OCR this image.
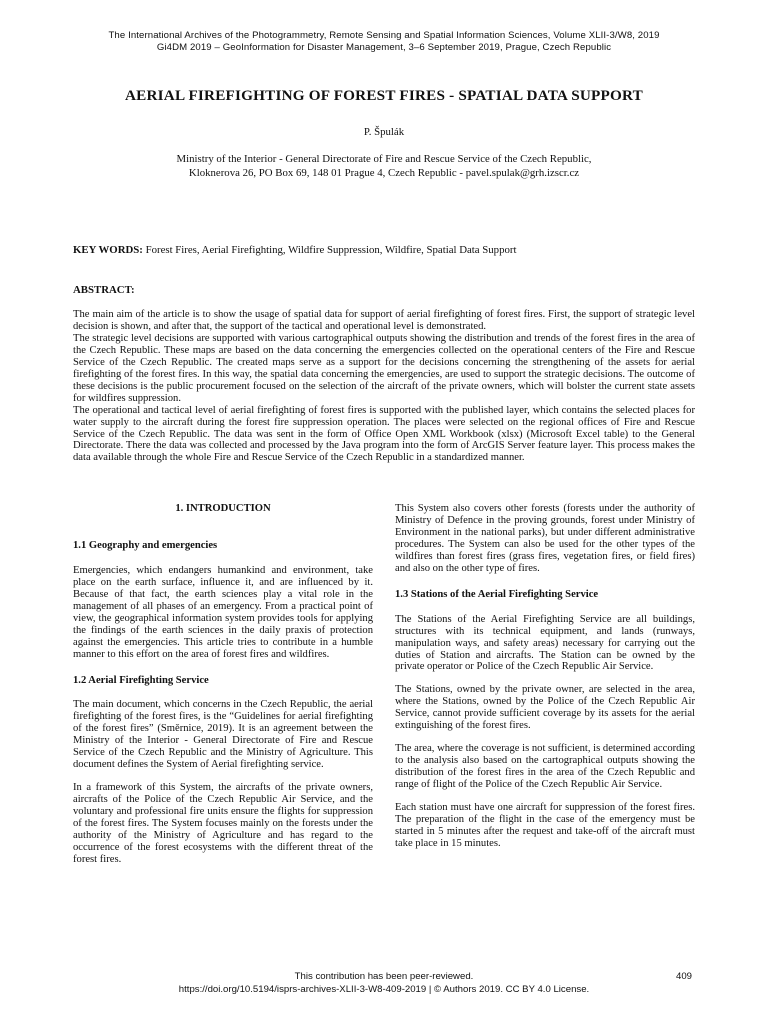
The International Archives of the Photogrammetry, Remote Sensing and Spatial Information Sciences, Volume XLII-3/W8, 2019
Gi4DM 2019 – GeoInformation for Disaster Management, 3–6 September 2019, Prague, Czech Republic
AERIAL FIREFIGHTING OF FOREST FIRES - SPATIAL DATA SUPPORT
P. Špulák
Ministry of the Interior - General Directorate of Fire and Rescue Service of the Czech Republic,
Kloknerova 26, PO Box 69, 148 01 Prague 4, Czech Republic - pavel.spulak@grh.izscr.cz
KEY WORDS: Forest Fires, Aerial Firefighting, Wildfire Suppression, Wildfire, Spatial Data Support
ABSTRACT:

The main aim of the article is to show the usage of spatial data for support of aerial firefighting of forest fires. First, the support of strategic level decision is shown, and after that, the support of the tactical and operational level is demonstrated.

The strategic level decisions are supported with various cartographical outputs showing the distribution and trends of the forest fires in the area of the Czech Republic. These maps are based on the data concerning the emergencies collected on the operational centers of the Fire and Rescue Service of the Czech Republic. The created maps serve as a support for the decisions concerning the strengthening of the assets for aerial firefighting of the forest fires. In this way, the spatial data concerning the emergencies, are used to support the strategic decisions. The outcome of these decisions is the public procurement focused on the selection of the aircraft of the private owners, which will bolster the current state assets for wildfires suppression.

The operational and tactical level of aerial firefighting of forest fires is supported with the published layer, which contains the selected places for water supply to the aircraft during the forest fire suppression operation. The places were selected on the regional offices of Fire and Rescue Service of the Czech Republic. The data was sent in the form of Office Open XML Workbook (xlsx) (Microsoft Excel table) to the General Directorate. There the data was collected and processed by the Java program into the form of ArcGIS Server feature layer. This process makes the data available through the whole Fire and Rescue Service of the Czech Republic in a standardized manner.

1. INTRODUCTION
1.1 Geography and emergencies

Emergencies, which endangers humankind and environment, take place on the earth surface, influence it, and are influenced by it. Because of that fact, the earth sciences play a vital role in the management of all phases of an emergency. From a practical point of view, the geographical information system provides tools for applying the findings of the earth sciences in the daily praxis of protection against the emergencies. This article tries to contribute in a humble manner to this effort on the area of forest fires and wildfires.

1.2 Aerial Firefighting Service

The main document, which concerns in the Czech Republic, the aerial firefighting of the forest fires, is the “Guidelines for aerial firefighting of the forest fires” (Směrnice, 2019). It is an agreement between the Ministry of the Interior - General Directorate of Fire and Rescue Service of the Czech Republic and the Ministry of Agriculture. This document defines the System of Aerial firefighting service.

In a framework of this System, the aircrafts of the private owners, aircrafts of the Police of the Czech Republic Air Service, and the voluntary and professional fire units ensure the flights for suppression of the forest fires. The System focuses mainly on the forests under the authority of the Ministry of Agriculture and has regard to the occurrence of the forest ecosystems with the different threat of the forest fires.

This System also covers other forests (forests under the authority of Ministry of Defence in the proving grounds, forest under Ministry of Environment in the national parks), but under different administrative procedures. The System can also be used for the other types of the wildfires than forest fires (grass fires, vegetation fires, or field fires) and also on the other type of fires.

1.3 Stations of the Aerial Firefighting Service

The Stations of the Aerial Firefighting Service are all buildings, structures with its technical equipment, and lands (runways, manipulation ways, and safety areas) necessary for carrying out the duties of Station and aircrafts. The Station can be owned by the private operator or Police of the Czech Republic Air Service.

The Stations, owned by the private owner, are selected in the area, where the Stations, owned by the Police of the Czech Republic Air Service, cannot provide sufficient coverage by its assets for the aerial extinguishing of the forest fires.

The area, where the coverage is not sufficient, is determined according to the analysis also based on the cartographical outputs showing the distribution of the forest fires in the area of the Czech Republic and range of flight of the Police of the Czech Republic Air Service.

Each station must have one aircraft for suppression of the forest fires. The preparation of the flight in the case of the emergency must be started in 5 minutes after the request and take-off of the aircraft must take place in 15 minutes.

This contribution has been peer-reviewed.
https://doi.org/10.5194/isprs-archives-XLII-3-W8-409-2019 | © Authors 2019. CC BY 4.0 License.
409
